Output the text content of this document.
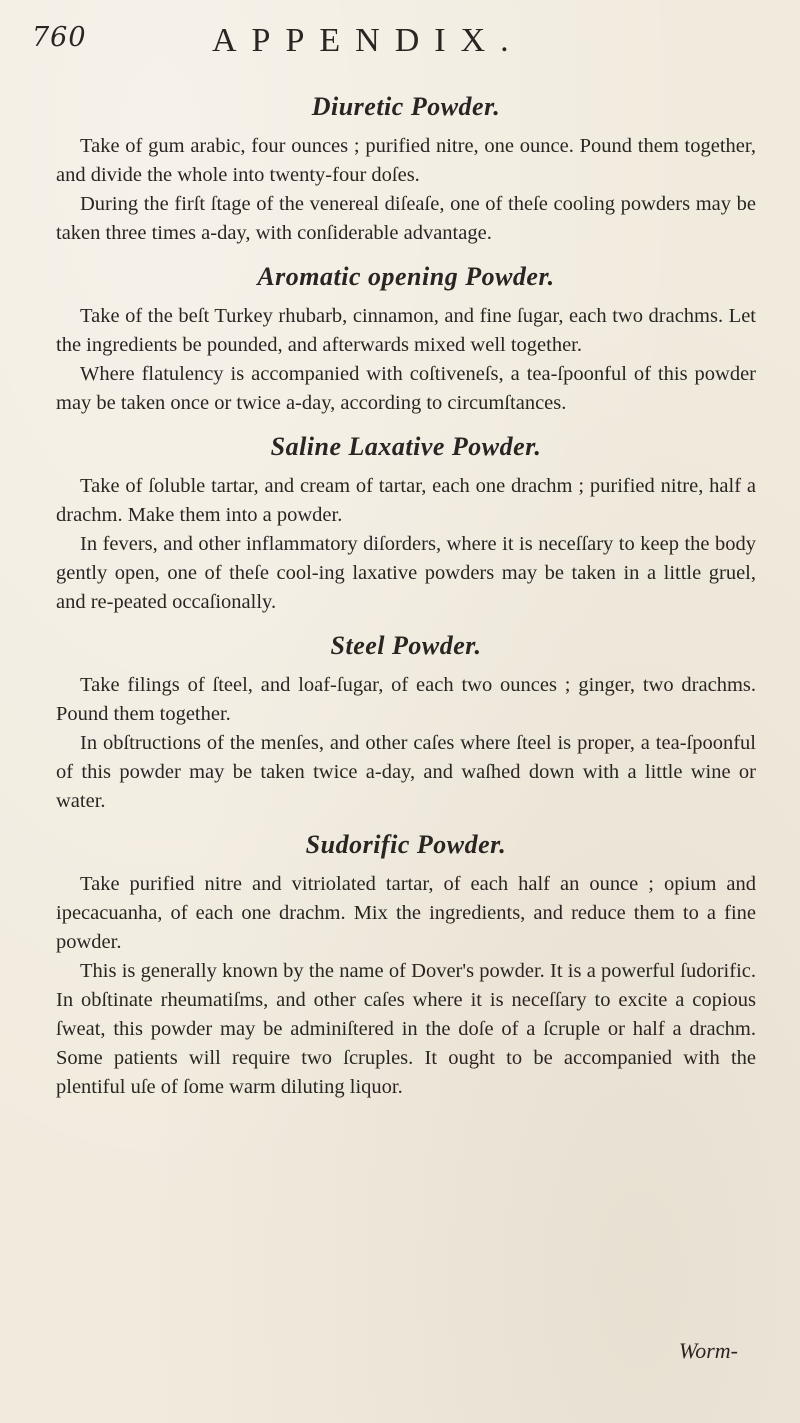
760	APPENDIX.
Diuretic Powder.

Take of gum arabic, four ounces ; purified nitre, one ounce. Pound them together, and divide the whole into twenty-four doſes.

During the firſt ſtage of the venereal diſeaſe, one of theſe cooling powders may be taken three times a-day, with conſiderable advantage.

Aromatic opening Powder.

Take of the beſt Turkey rhubarb, cinnamon, and fine ſugar, each two drachms. Let the ingredients be pounded, and afterwards mixed well together.

Where flatulency is accompanied with coſtiveneſs, a tea-ſpoonful of this powder may be taken once or twice a-day, according to circumſtances.

Saline Laxative Powder.

Take of ſoluble tartar, and cream of tartar, each one drachm ; purified nitre, half a drachm. Make them into a powder.

In fevers, and other inflammatory diſorders, where it is neceſſary to keep the body gently open, one of theſe cool-ing laxative powders may be taken in a little gruel, and re-peated occaſionally.

Steel Powder.

Take filings of ſteel, and loaf-ſugar, of each two ounces ; ginger, two drachms. Pound them together.

In obſtructions of the menſes, and other caſes where ſteel is proper, a tea-ſpoonful of this powder may be taken twice a-day, and waſhed down with a little wine or water.

Sudorific Powder.

Take purified nitre and vitriolated tartar, of each half an ounce ; opium and ipecacuanha, of each one drachm. Mix the ingredients, and reduce them to a fine powder.

This is generally known by the name of Dover's powder. It is a powerful ſudorific. In obſtinate rheumatiſms, and other caſes where it is neceſſary to excite a copious ſweat, this powder may be adminiſtered in the doſe of a ſcruple or half a drachm. Some patients will require two ſcruples. It ought to be accompanied with the plentiful uſe of ſome warm diluting liquor.

Worm-
